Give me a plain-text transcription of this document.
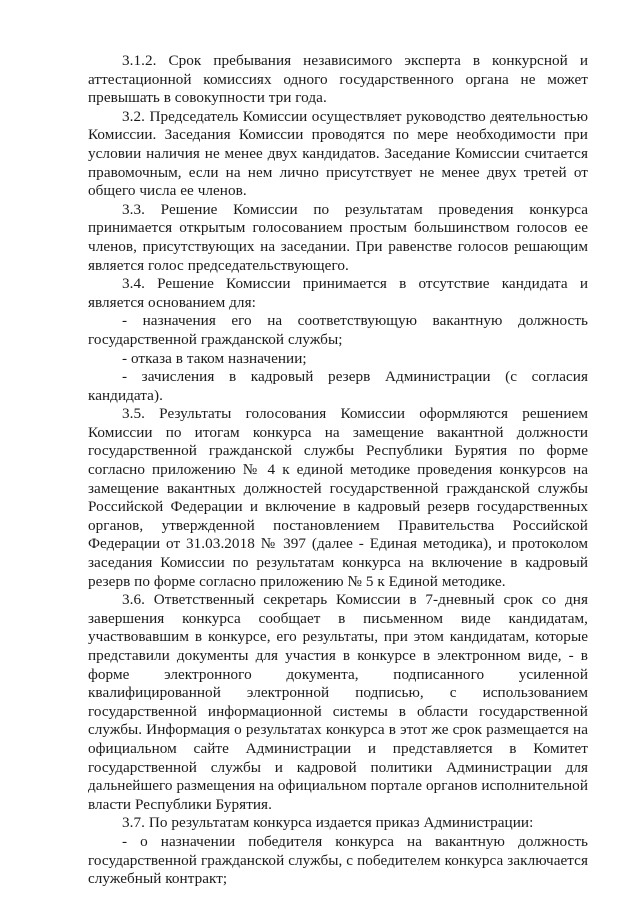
3.1.2. Срок пребывания независимого эксперта в конкурсной и аттестационной комиссиях одного государственного органа не может превышать в совокупности три года.

3.2. Председатель Комиссии осуществляет руководство деятельностью Комиссии. Заседания Комиссии проводятся по мере необходимости при условии наличия не менее двух кандидатов. Заседание Комиссии считается правомочным, если на нем лично присутствует не менее двух третей от общего числа ее членов.

3.3. Решение Комиссии по результатам проведения конкурса принимается открытым голосованием простым большинством голосов ее членов, присутствующих на заседании. При равенстве голосов решающим является голос председательствующего.

3.4. Решение Комиссии принимается в отсутствие кандидата и является основанием для:

- назначения его на соответствующую вакантную должность государственной гражданской службы;

- отказа в таком назначении;

- зачисления в кадровый резерв Администрации (с согласия кандидата).

3.5. Результаты голосования Комиссии оформляются решением Комиссии по итогам конкурса на замещение вакантной должности государственной гражданской службы Республики Бурятия по форме согласно приложению № 4 к единой методике проведения конкурсов на замещение вакантных должностей государственной гражданской службы Российской Федерации и включение в кадровый резерв государственных органов, утвержденной постановлением Правительства Российской Федерации от 31.03.2018 № 397 (далее - Единая методика), и протоколом заседания Комиссии по результатам конкурса на включение в кадровый резерв по форме согласно приложению № 5 к Единой методике.

3.6. Ответственный секретарь Комиссии в 7-дневный срок со дня завершения конкурса сообщает в письменном виде кандидатам, участвовавшим в конкурсе, его результаты, при этом кандидатам, которые представили документы для участия в конкурсе в электронном виде, - в форме электронного документа, подписанного усиленной квалифицированной электронной подписью, с использованием государственной информационной системы в области государственной службы. Информация о результатах конкурса в этот же срок размещается на официальном сайте Администрации и представляется в Комитет государственной службы и кадровой политики Администрации для дальнейшего размещения на официальном портале органов исполнительной власти Республики Бурятия.

3.7. По результатам конкурса издается приказ Администрации:

- о назначении победителя конкурса на вакантную должность государственной гражданской службы, с победителем конкурса заключается служебный контракт;
